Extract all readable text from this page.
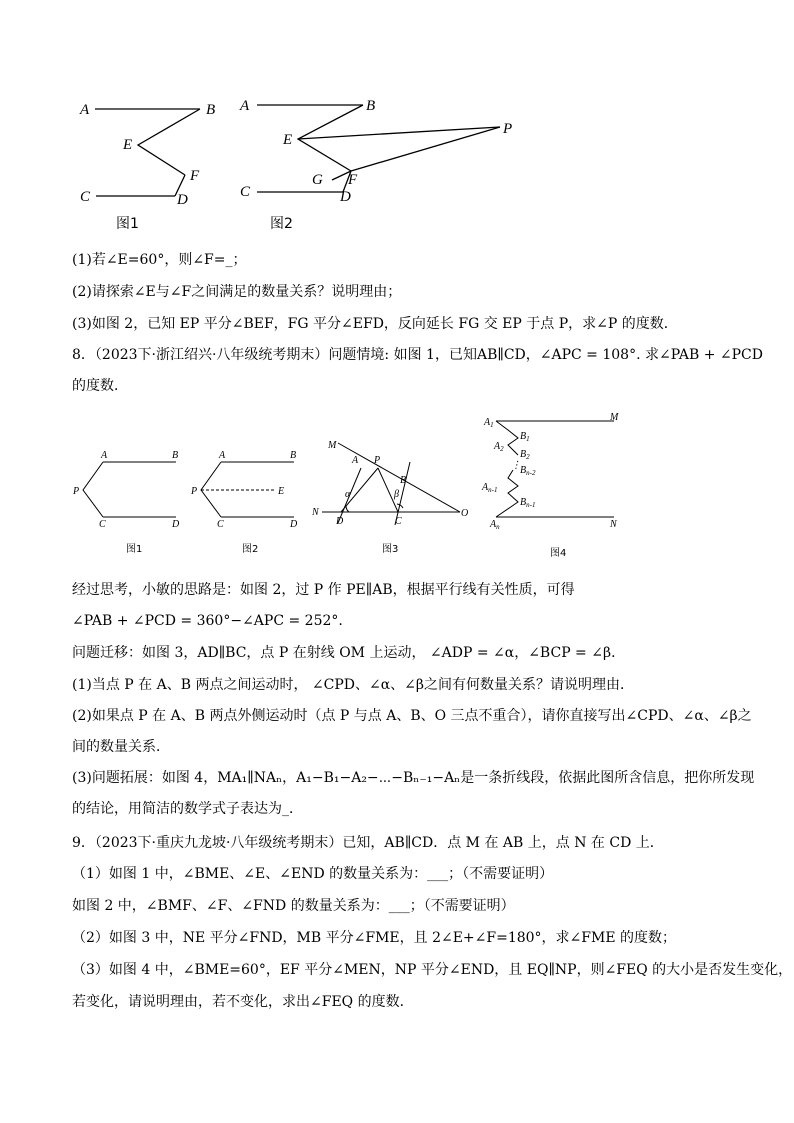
A	B
E
F
C	D
图1
A	B
E
P
G F
C	D
图2
(1)若∠E=60°，则∠F=_；
(2)请探索∠E与∠F之间满足的数量关系？说明理由；
(3)如图 2，已知 EP 平分∠BEF，FG 平分∠EFD，反向延长 FG 交 EP 于点 P，求∠P 的度数．
8．（2023下·浙江绍兴·八年级统考期末）问题情境: 如图 1，已知AB∥CD，∠APC = 108°. 求∠PAB + ∠PCD
的度数．
A	B
P
C	D
图1
A	B
P	E
C	D
图2
M
A P
B
α	β
N
D	C
O
图3
$A_1$
M
$B_1$
$A_2$ $B_2$
⋮ $B_{n-2}$
$A_{n-1}$
$B_{n-1}$
$A_n$	N
图4
经过思考，小敏的思路是：如图 2，过 P 作 PE∥AB，根据平行线有关性质，可得
∠PAB + ∠PCD = 360°−∠APC = 252°.
问题迁移：如图 3，AD∥BC，点 P 在射线 OM 上运动， ∠ADP = ∠α，∠BCP = ∠β．
(1)当点 P 在 A、B 两点之间运动时， ∠CPD、∠α、∠β之间有何数量关系？请说明理由．
(2)如果点 P 在 A、B 两点外侧运动时（点 P 与点 A、B、O 三点不重合），请你直接写出∠CPD、∠α、∠β之
间的数量关系．
(3)问题拓展：如图 4，MA₁∥NAₙ，A₁−B₁−A₂−⋯−Bₙ₋₁−Aₙ是一条折线段，依据此图所含信息，把你所发现
的结论，用简洁的数学式子表达为_．
9．（2023下·重庆九龙坡·八年级统考期末）已知，AB∥CD．点 M 在 AB 上，点 N 在 CD 上．
（1）如图 1 中，∠BME、∠E、∠END 的数量关系为：___；（不需要证明）
如图 2 中，∠BMF、∠F、∠FND 的数量关系为：___；（不需要证明）
（2）如图 3 中，NE 平分∠FND，MB 平分∠FME，且 2∠E+∠F=180°，求∠FME 的度数；
（3）如图 4 中，∠BME=60°，EF 平分∠MEN，NP 平分∠END，且 EQ∥NP，则∠FEQ 的大小是否发生变化，
若变化，请说明理由，若不变化，求出∠FEQ 的度数．
